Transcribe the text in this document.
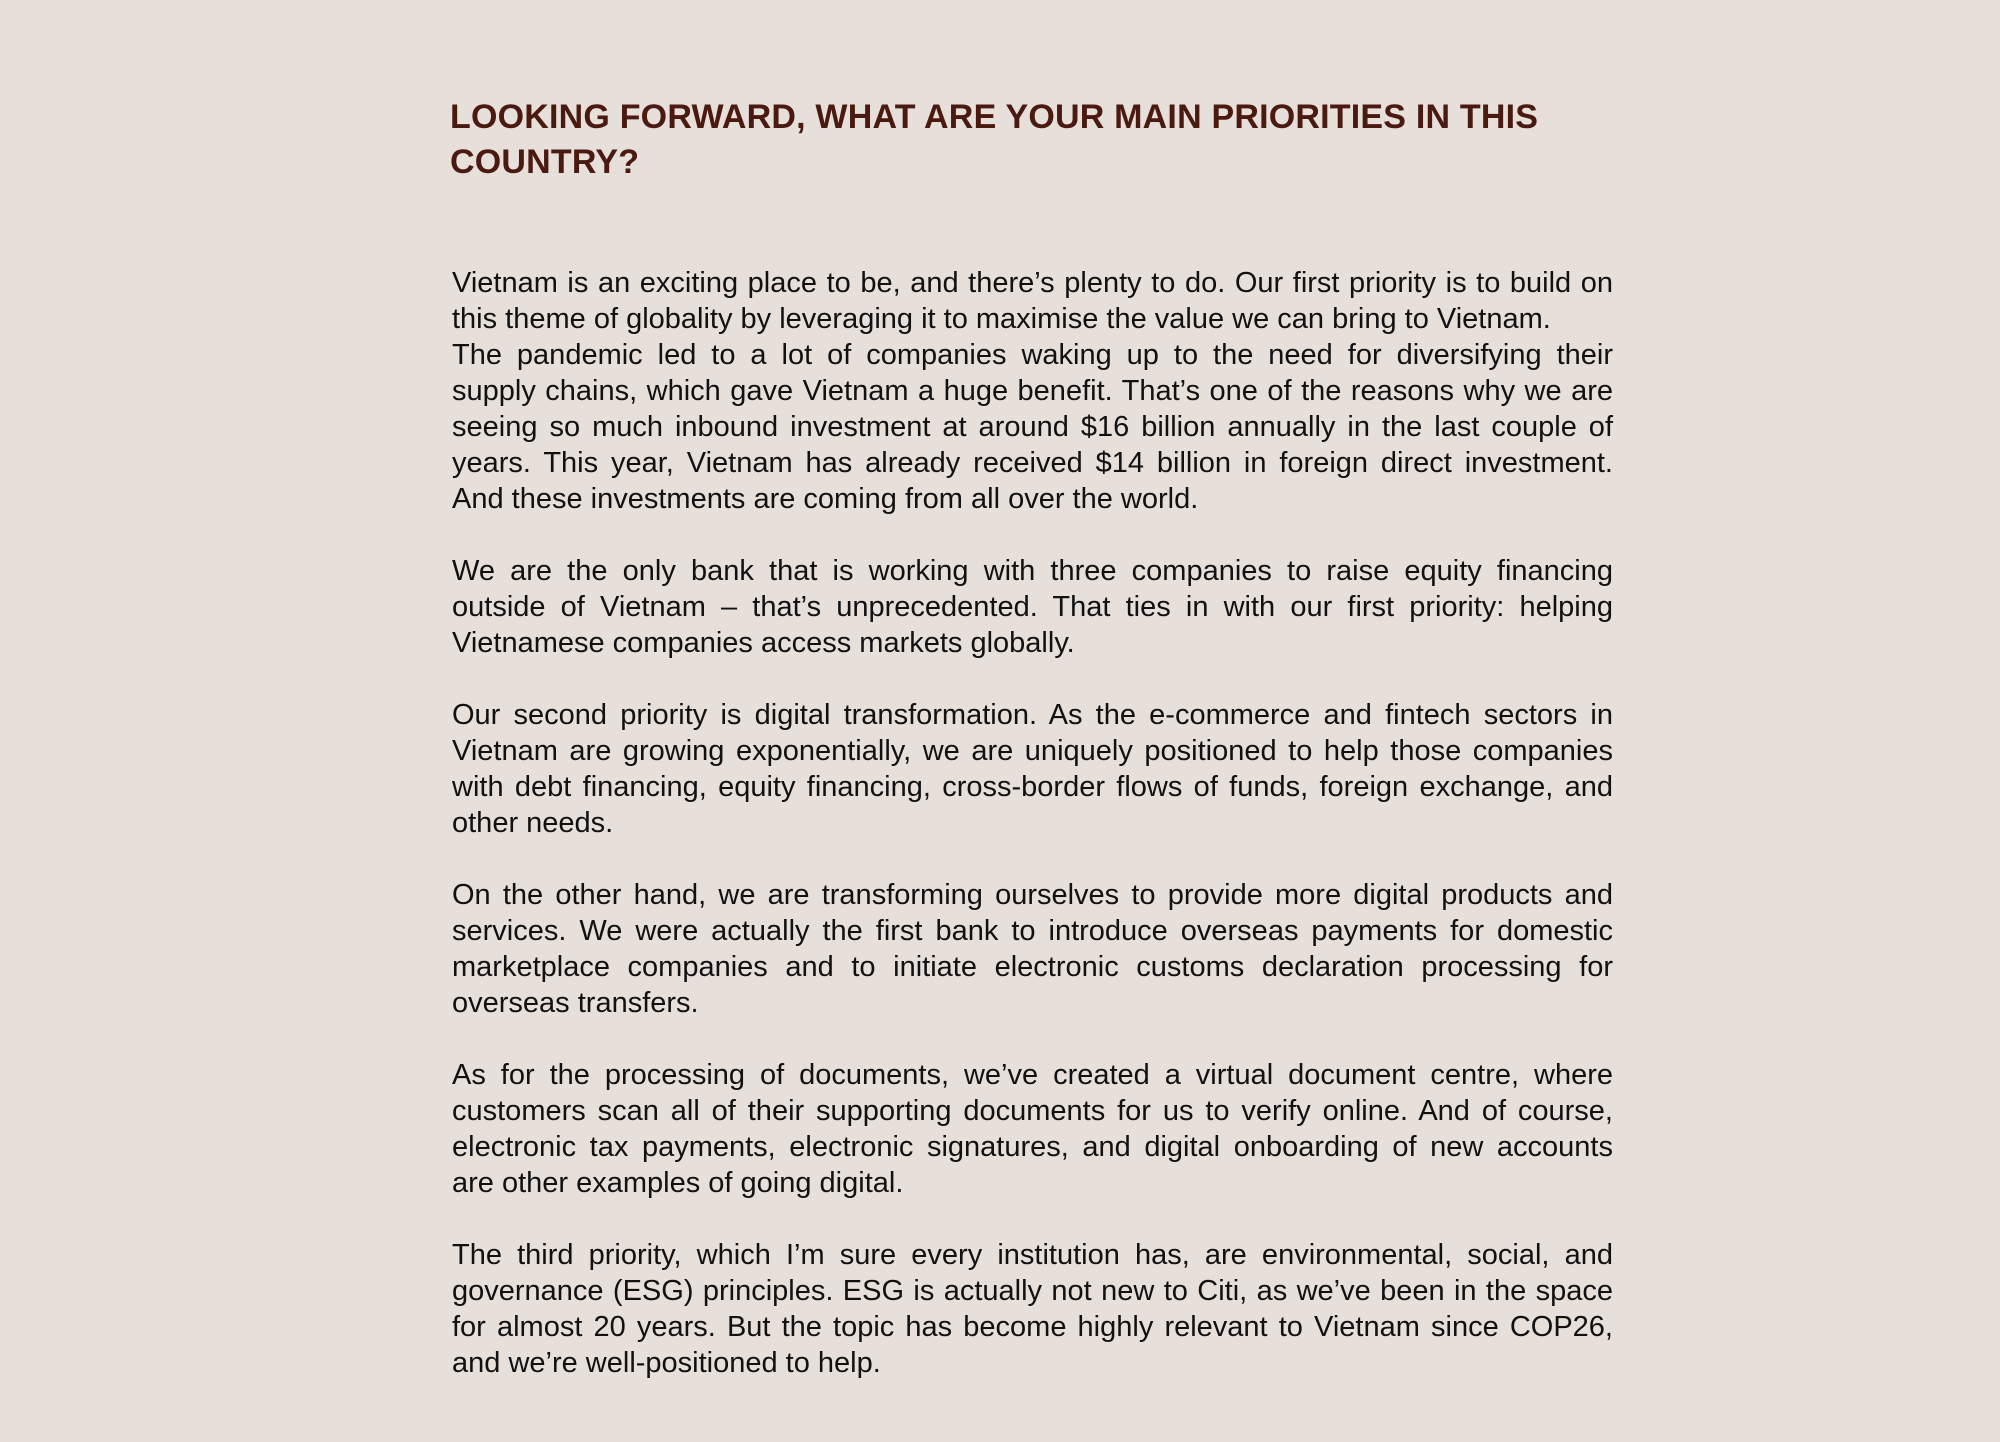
LOOKING FORWARD, WHAT ARE YOUR MAIN PRIORITIES IN THIS
COUNTRY?

Vietnam is an exciting place to be, and there’s plenty to do. Our first priority is to build on
this theme of globality by leveraging it to maximise the value we can bring to Vietnam.
The pandemic led to a lot of companies waking up to the need for diversifying their
supply chains, which gave Vietnam a huge benefit. That’s one of the reasons why we are
seeing so much inbound investment at around $16 billion annually in the last couple of
years. This year, Vietnam has already received $14 billion in foreign direct investment.
And these investments are coming from all over the world.

We are the only bank that is working with three companies to raise equity financing
outside of Vietnam – that’s unprecedented. That ties in with our first priority: helping
Vietnamese companies access markets globally.

Our second priority is digital transformation. As the e-commerce and fintech sectors in
Vietnam are growing exponentially, we are uniquely positioned to help those companies
with debt financing, equity financing, cross-border flows of funds, foreign exchange, and
other needs.

On the other hand, we are transforming ourselves to provide more digital products and
services. We were actually the first bank to introduce overseas payments for domestic
marketplace companies and to initiate electronic customs declaration processing for
overseas transfers.

As for the processing of documents, we’ve created a virtual document centre, where
customers scan all of their supporting documents for us to verify online. And of course,
electronic tax payments, electronic signatures, and digital onboarding of new accounts
are other examples of going digital.

The third priority, which I’m sure every institution has, are environmental, social, and
governance (ESG) principles. ESG is actually not new to Citi, as we’ve been in the space
for almost 20 years. But the topic has become highly relevant to Vietnam since COP26,
and we’re well-positioned to help.
